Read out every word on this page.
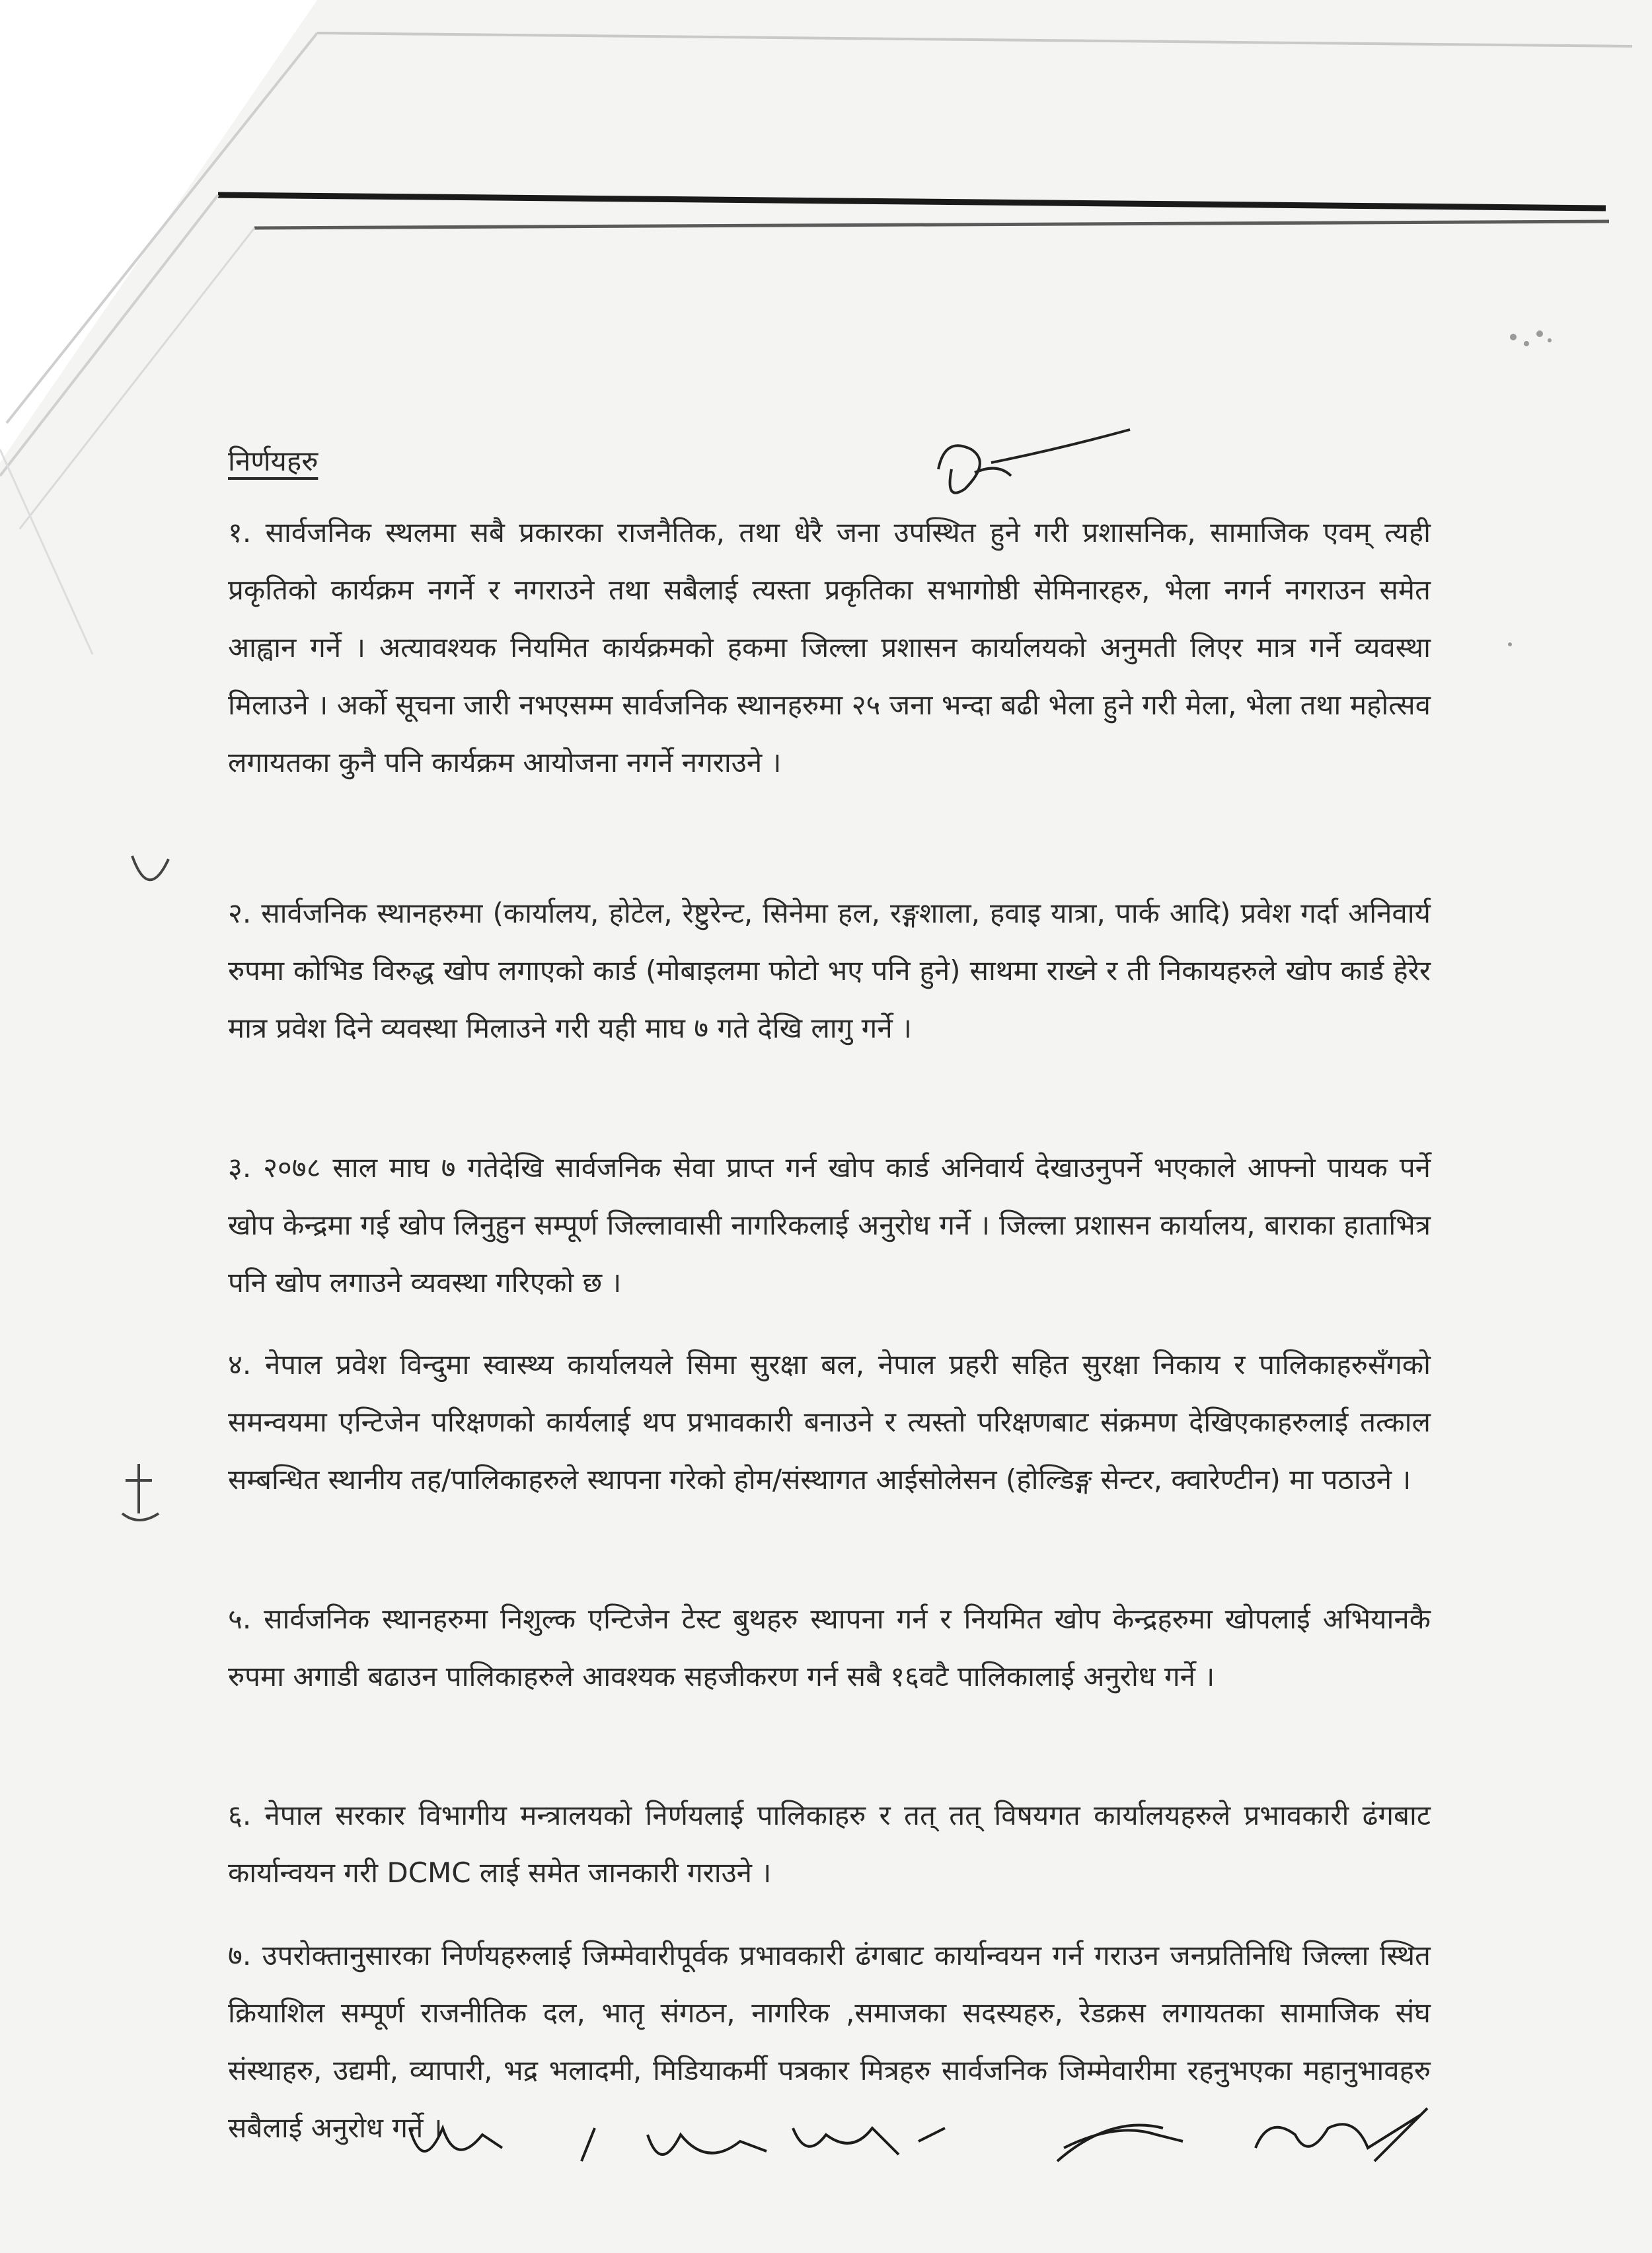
निर्णयहरु

१. सार्वजनिक स्थलमा सबै प्रकारका राजनैतिक, तथा धेरै जना उपस्थित हुने गरी प्रशासनिक, सामाजिक एवम् त्यही प्रकृतिको कार्यक्रम नगर्ने र नगराउने तथा सबैलाई त्यस्ता प्रकृतिका सभागोष्ठी सेमिनारहरु, भेला नगर्न नगराउन समेत आह्वान गर्ने । अत्यावश्यक नियमित कार्यक्रमको हकमा जिल्ला प्रशासन कार्यालयको अनुमती लिएर मात्र गर्ने व्यवस्था मिलाउने । अर्को सूचना जारी नभएसम्म सार्वजनिक स्थानहरुमा २५ जना भन्दा बढी भेला हुने गरी मेला, भेला तथा महोत्सव लगायतका कुनै पनि कार्यक्रम आयोजना नगर्ने नगराउने ।

२. सार्वजनिक स्थानहरुमा (कार्यालय, होटेल, रेष्टुरेन्ट, सिनेमा हल, रङ्गशाला, हवाइ यात्रा, पार्क आदि) प्रवेश गर्दा अनिवार्य रुपमा कोभिड विरुद्ध खोप लगाएको कार्ड (मोबाइलमा फोटो भए पनि हुने) साथमा राख्ने र ती निकायहरुले खोप कार्ड हेरेर मात्र प्रवेश दिने व्यवस्था मिलाउने गरी यही माघ ७ गते देखि लागु गर्ने ।

३. २०७८ साल माघ ७ गतेदेखि सार्वजनिक सेवा प्राप्त गर्न खोप कार्ड अनिवार्य देखाउनुपर्ने भएकाले आफ्नो पायक पर्ने खोप केन्द्रमा गई खोप लिनुहुन सम्पूर्ण जिल्लावासी नागरिकलाई अनुरोध गर्ने । जिल्ला प्रशासन कार्यालय, बाराका हाताभित्र पनि खोप लगाउने व्यवस्था गरिएको छ ।

४. नेपाल प्रवेश विन्दुमा स्वास्थ्य कार्यालयले सिमा सुरक्षा बल, नेपाल प्रहरी सहित सुरक्षा निकाय र पालिकाहरुसँगको समन्वयमा एन्टिजेन परिक्षणको कार्यलाई थप प्रभावकारी बनाउने र त्यस्तो परिक्षणबाट संक्रमण देखिएकाहरुलाई तत्काल सम्बन्धित स्थानीय तह/पालिकाहरुले स्थापना गरेको होम/संस्थागत आईसोलेसन (होल्डिङ्ग सेन्टर, क्वारेण्टीन) मा पठाउने ।

५. सार्वजनिक स्थानहरुमा निशुल्क एन्टिजेन टेस्ट बुथहरु स्थापना गर्न र नियमित खोप केन्द्रहरुमा खोपलाई अभियानकै रुपमा अगाडी बढाउन पालिकाहरुले आवश्यक सहजीकरण गर्न सबै १६वटै पालिकालाई अनुरोध गर्ने ।

६. नेपाल सरकार विभागीय मन्त्रालयको निर्णयलाई पालिकाहरु र तत् तत् विषयगत कार्यालयहरुले प्रभावकारी ढंगबाट कार्यान्वयन गरी DCMC लाई समेत जानकारी गराउने ।

७. उपरोक्तानुसारका निर्णयहरुलाई जिम्मेवारीपूर्वक प्रभावकारी ढंगबाट कार्यान्वयन गर्न गराउन जनप्रतिनिधि जिल्ला स्थित क्रियाशिल सम्पूर्ण राजनीतिक दल, भातृ संगठन, नागरिक ,समाजका सदस्यहरु, रेडक्रस लगायतका सामाजिक संघ संस्थाहरु, उद्यमी, व्यापारी, भद्र भलादमी, मिडियाकर्मी पत्रकार मित्रहरु सार्वजनिक जिम्मेवारीमा रहनुभएका महानुभावहरु सबैलाई अनुरोध गर्ने ।
